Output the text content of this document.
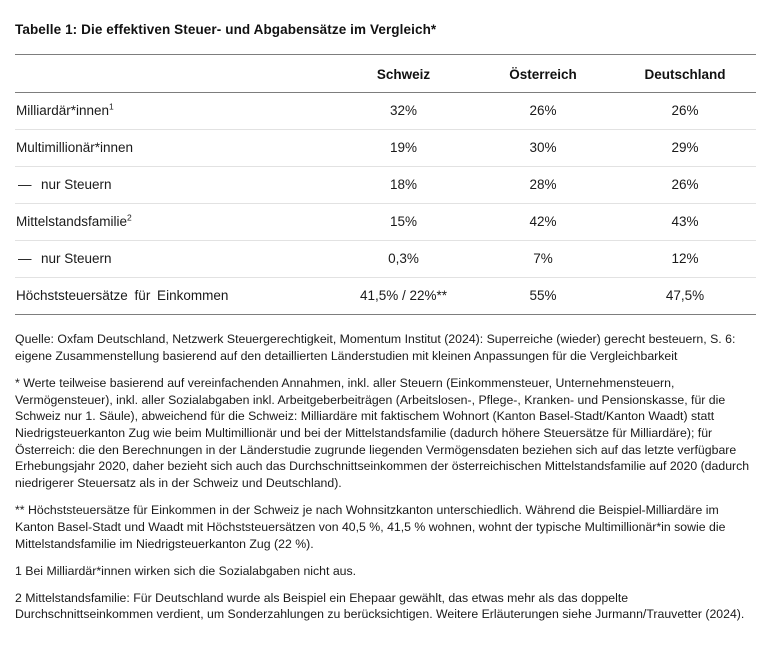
Tabelle 1: Die effektiven Steuer- und Abgabensätze im Vergleich*
	Schweiz	Österreich	Deutschland
Milliardär*innen$^1$	32%	26%	26%
Multimillionär*innen	19%	30%	29%
— nur Steuern	18%	28%	26%
Mittelstandsfamilie$^2$	15%	42%	43%
— nur Steuern	0,3%	7%	12%
Höchststeuersätze für Einkommen	41,5% / 22%**	55%	47,5%

Quelle: Oxfam Deutschland, Netzwerk Steuergerechtigkeit, Momentum Institut (2024): Superreiche (wieder) gerecht besteuern, S. 6: eigene Zusammenstellung basierend auf den detaillierten Länderstudien mit kleinen Anpassungen für die Vergleichbarkeit

* Werte teilweise basierend auf vereinfachenden Annahmen, inkl. aller Steuern (Einkommensteuer, Unternehmensteuern, Vermögensteuer), inkl. aller Sozialabgaben inkl. Arbeitgeberbeiträgen (Arbeitslosen-, Pflege-, Kranken- und Pensionskasse, für die Schweiz nur 1. Säule), abweichend für die Schweiz: Milliardäre mit faktischem Wohnort (Kanton Basel-Stadt/Kanton Waadt) statt Niedrigsteuerkanton Zug wie beim Multimillionär und bei der Mittelstandsfamilie (dadurch höhere Steuersätze für Milliardäre); für Österreich: die den Berechnungen in der Länderstudie zugrunde liegenden Vermögensdaten beziehen sich auf das letzte verfügbare Erhebungsjahr 2020, daher bezieht sich auch das Durchschnittseinkommen der österreichischen Mittelstandsfamilie auf 2020 (dadurch niedrigerer Steuersatz als in der Schweiz und Deutschland).

** Höchststeuersätze für Einkommen in der Schweiz je nach Wohnsitzkanton unterschiedlich. Während die Beispiel-Milliardäre im Kanton Basel-Stadt und Waadt mit Höchststeuersätzen von 40,5 %, 41,5 % wohnen, wohnt der typische Multimillionär*in sowie die Mittelstandsfamilie im Niedrigsteuerkanton Zug (22 %).

1 Bei Milliardär*innen wirken sich die Sozialabgaben nicht aus.

2 Mittelstandsfamilie: Für Deutschland wurde als Beispiel ein Ehepaar gewählt, das etwas mehr als das doppelte Durchschnittseinkommen verdient, um Sonderzahlungen zu berücksichtigen. Weitere Erläuterungen siehe Jurmann/Trauvetter (2024).
